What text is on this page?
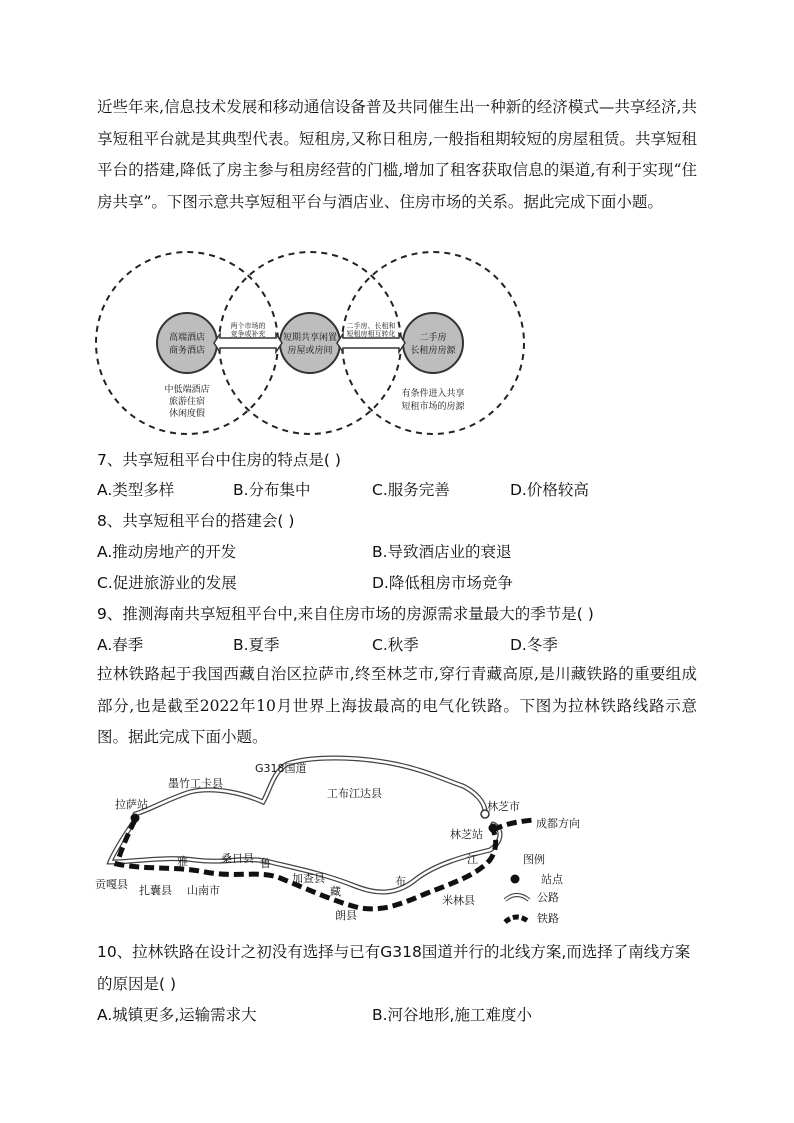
近些年来,信息技术发展和移动通信设备普及共同催生出一种新的经济模式—共享经济,共享短租平台就是其典型代表。短租房,又称日租房,一般指租期较短的房屋租赁。共享短租平台的搭建,降低了房主参与租房经营的门槛,增加了租客获取信息的渠道,有利于实现“住房共享”。下图示意共享短租平台与酒店业、住房市场的关系。据此完成下面小题。
高端酒店
商务酒店
短期共享闲置
房屋或房间
二手房
长租房房源
两个市场的
竞争或补充
二手房、长租和
短租房相互转化
中低端酒店
旅游住宿
休闲度假
有条件进入共享
短租市场的房源
7、共享短租平台中住房的特点是( )
A.类型多样	B.分布集中	C.服务完善	D.价格较高
8、共享短租平台的搭建会( )
A.推动房地产的开发	B.导致酒店业的衰退
C.促进旅游业的发展	D.降低租房市场竞争
9、推测海南共享短租平台中,来自住房市场的房源需求量最大的季节是( )
A.春季	B.夏季	C.秋季	D.冬季
拉林铁路起于我国西藏自治区拉萨市,终至林芝市,穿行青藏高原,是川藏铁路的重要组成部分,也是截至2022年10月世界上海拔最高的电气化铁路。下图为拉林铁路线路示意图。据此完成下面小题。
G318国道
墨竹工卡县
工布江达县
拉萨站	林芝市
林芝站
成都方向
贡嘎县 扎囊县 山南市
桑日县
加查县
朗县
米林县
雅	鲁
藏
布
江	图例
站点
公路
铁路
10、拉林铁路在设计之初没有选择与已有G318国道并行的北线方案,而选择了南线方案
的原因是( )
A.城镇更多,运输需求大	B.河谷地形,施工难度小
